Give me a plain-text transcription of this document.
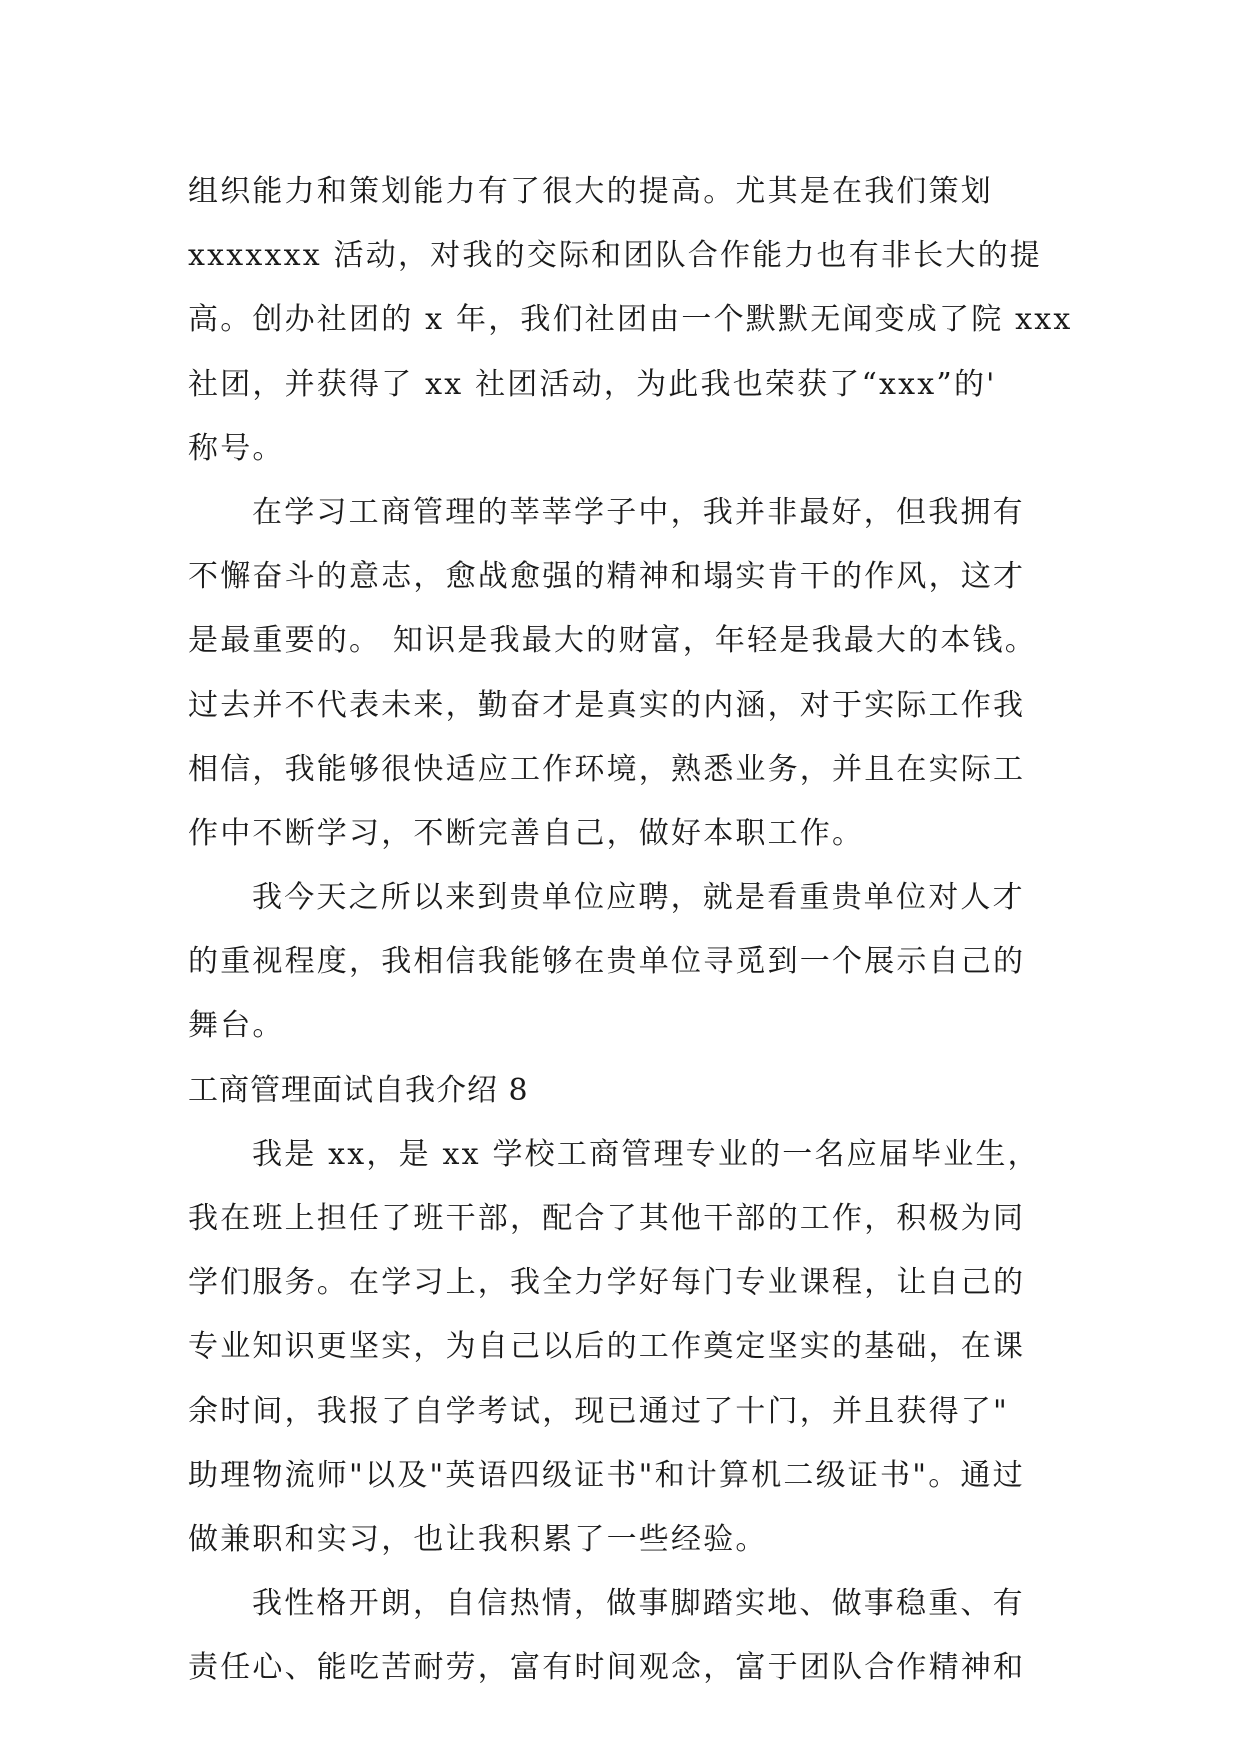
组织能力和策划能力有了很大的提高。尤其是在我们策划
xxxxxxx 活动，对我的交际和团队合作能力也有非长大的提
高。创办社团的 x 年，我们社团由一个默默无闻变成了院 xxx
社团，并获得了 xx 社团活动，为此我也荣获了“xxx”的'
称号。
在学习工商管理的莘莘学子中，我并非最好，但我拥有
不懈奋斗的意志，愈战愈强的精神和塌实肯干的作风，这才
是最重要的。 知识是我最大的财富，年轻是我最大的本钱。
过去并不代表未来，勤奋才是真实的内涵，对于实际工作我
相信，我能够很快适应工作环境，熟悉业务，并且在实际工
作中不断学习，不断完善自己，做好本职工作。
我今天之所以来到贵单位应聘，就是看重贵单位对人才
的重视程度，我相信我能够在贵单位寻觅到一个展示自己的
舞台。
工商管理面试自我介绍 8
我是 xx，是 xx 学校工商管理专业的一名应届毕业生，
我在班上担任了班干部，配合了其他干部的工作，积极为同
学们服务。在学习上，我全力学好每门专业课程，让自己的
专业知识更坚实，为自己以后的工作奠定坚实的基础，在课
余时间，我报了自学考试，现已通过了十门，并且获得了"
助理物流师"以及"英语四级证书"和计算机二级证书"。通过
做兼职和实习，也让我积累了一些经验。
我性格开朗，自信热情，做事脚踏实地、做事稳重、有
责任心、能吃苦耐劳，富有时间观念，富于团队合作精神和
